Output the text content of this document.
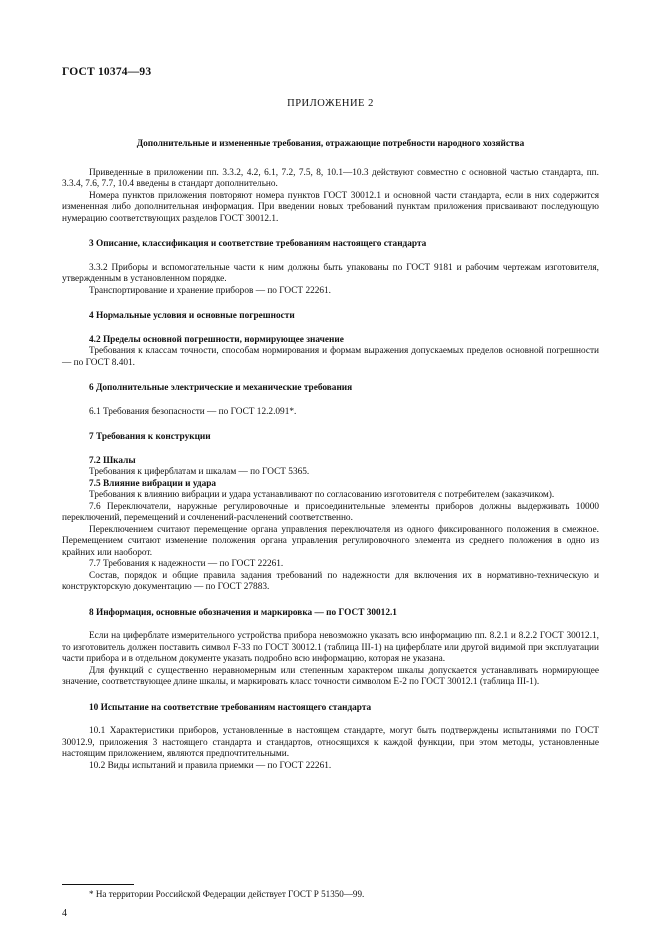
ГОСТ 10374—93
ПРИЛОЖЕНИЕ 2
Дополнительные и измененные требования, отражающие потребности народного хозяйства

Приведенные в приложении пп. 3.3.2, 4.2, 6.1, 7.2, 7.5, 8, 10.1—10.3 действуют совместно с основной частью стандарта, пп. 3.3.4, 7.6, 7.7, 10.4 введены в стандарт дополнительно.

Номера пунктов приложения повторяют номера пунктов ГОСТ 30012.1 и основной части стандарта, если в них содержится измененная либо дополнительная информация. При введении новых требований пунктам приложения присваивают последующую нумерацию соответствующих разделов ГОСТ 30012.1.

3 Описание, классификация и соответствие требованиям настоящего стандарта

3.3.2 Приборы и вспомогательные части к ним должны быть упакованы по ГОСТ 9181 и рабочим чертежам изготовителя, утвержденным в установленном порядке.

Транспортирование и хранение приборов — по ГОСТ 22261.

4 Нормальные условия и основные погрешности
4.2 Пределы основной погрешности, нормирующее значение

Требования к классам точности, способам нормирования и формам выражения допускаемых пределов основной погрешности — по ГОСТ 8.401.

6 Дополнительные электрические и механические требования

6.1 Требования безопасности — по ГОСТ 12.2.091*.

7 Требования к конструкции
7.2 Шкалы

Требования к циферблатам и шкалам — по ГОСТ 5365.

7.5 Влияние вибрации и удара

Требования к влиянию вибрации и удара устанавливают по согласованию изготовителя с потребителем (заказчиком).

7.6 Переключатели, наружные регулировочные и присоединительные элементы приборов должны выдерживать 10000 переключений, перемещений и сочленений-расчленений соответственно.

Переключением считают перемещение органа управления переключателя из одного фиксированного положения в смежное. Перемещением считают изменение положения органа управления регулировочного элемента из среднего положения в одно из крайних или наоборот.

7.7 Требования к надежности — по ГОСТ 22261.

Состав, порядок и общие правила задания требований по надежности для включения их в нормативно-техническую и конструкторскую документацию — по ГОСТ 27883.

8 Информация, основные обозначения и маркировка — по ГОСТ 30012.1

Если на циферблате измерительного устройства прибора невозможно указать всю информацию пп. 8.2.1 и 8.2.2 ГОСТ 30012.1, то изготовитель должен поставить символ F-33 по ГОСТ 30012.1 (таблица III-1) на циферблате или другой видимой при эксплуатации части прибора и в отдельном документе указать подробно всю информацию, которая не указана.

Для функций с существенно неравномерным или степенным характером шкалы допускается устанавливать нормирующее значение, соответствующее длине шкалы, и маркировать класс точности символом Е-2 по ГОСТ 30012.1 (таблица III-1).

10 Испытание на соответствие требованиям настоящего стандарта

10.1 Характеристики приборов, установленные в настоящем стандарте, могут быть подтверждены испытаниями по ГОСТ 30012.9, приложения 3 настоящего стандарта и стандартов, относящихся к каждой функции, при этом методы, установленные настоящим приложением, являются предпочтительными.

10.2 Виды испытаний и правила приемки — по ГОСТ 22261.

* На территории Российской Федерации действует ГОСТ Р 51350—99.
4
